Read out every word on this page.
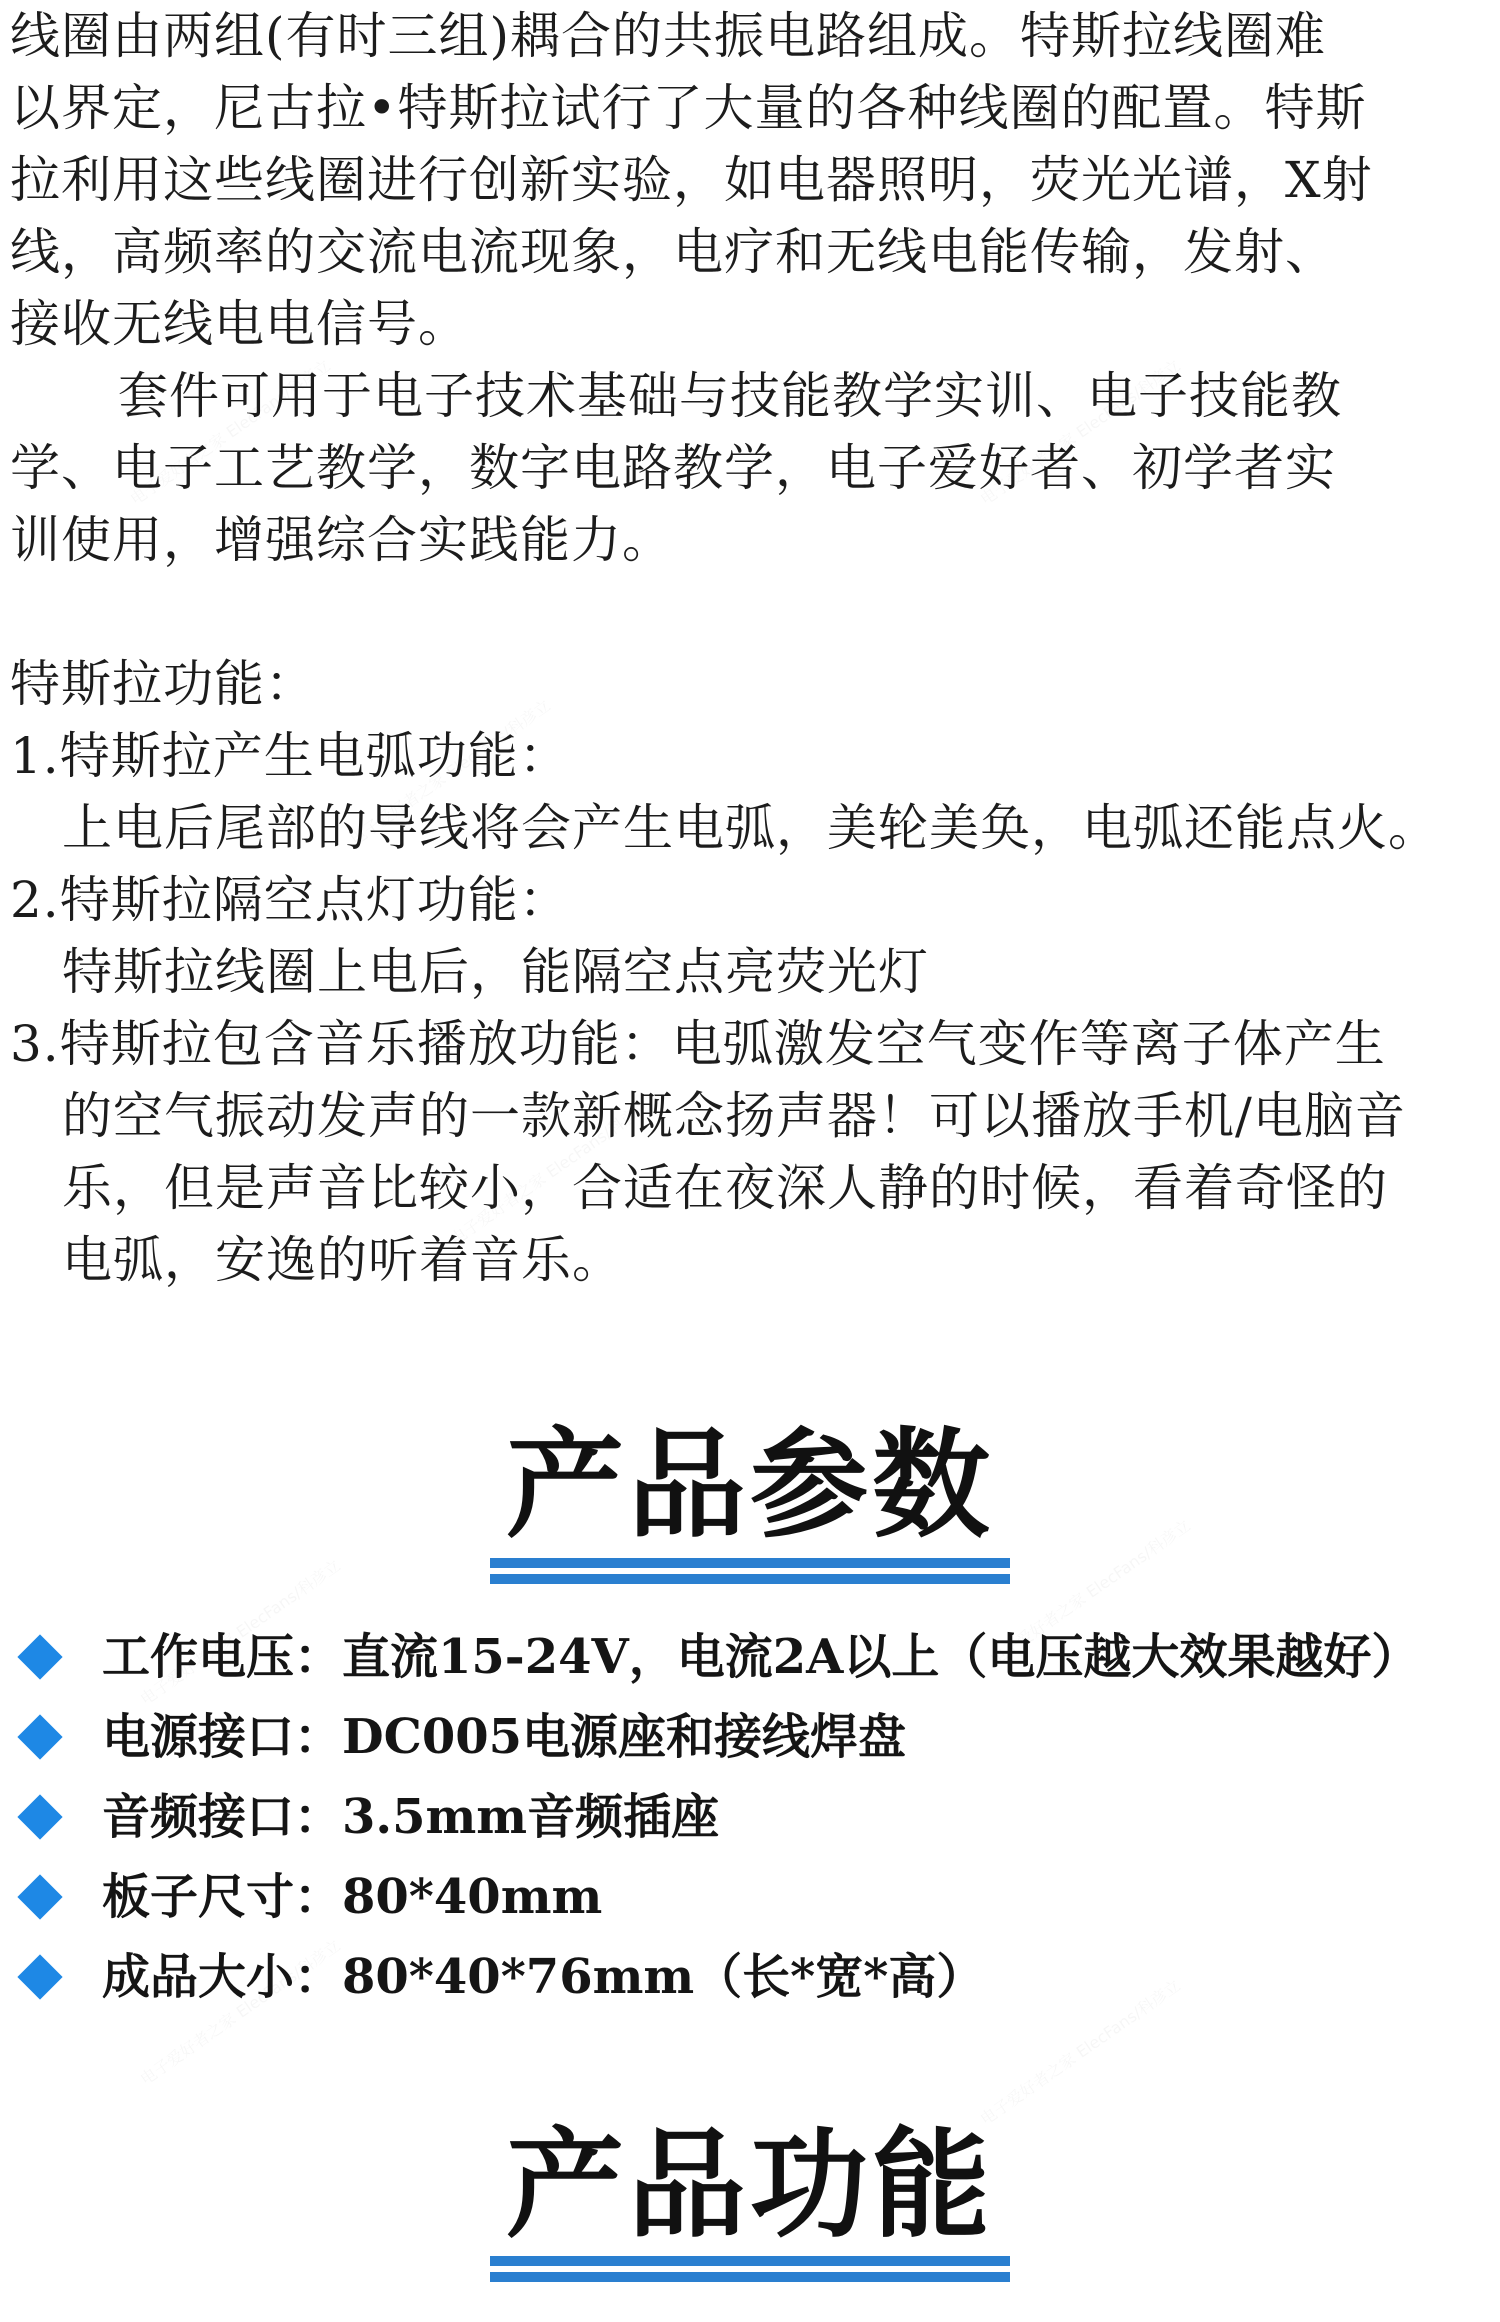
线圈由两组(有时三组)耦合的共振电路组成。特斯拉线圈难
以界定，尼古拉•特斯拉试行了大量的各种线圈的配置。特斯
拉利用这些线圈进行创新实验，如电器照明，荧光光谱，X射
线，高频率的交流电流现象，电疗和无线电能传输，发射、
接收无线电电信号。
套件可用于电子技术基础与技能教学实训、电子技能教
学、电子工艺教学，数字电路教学，电子爱好者、初学者实
训使用，增强综合实践能力。
特斯拉功能：
1.特斯拉产生电弧功能：
上电后尾部的导线将会产生电弧，美轮美奂，电弧还能点火。
2.特斯拉隔空点灯功能：
特斯拉线圈上电后，能隔空点亮荧光灯
3.特斯拉包含音乐播放功能：电弧激发空气变作等离子体产生
的空气振动发声的一款新概念扬声器！可以播放手机/电脑音
乐，但是声音比较小，合适在夜深人静的时候，看着奇怪的
电弧，安逸的听着音乐。
产品参数
工作电压：直流15-24V，电流2A以上（电压越大效果越好）
电源接口：DC005电源座和接线焊盘
音频接口：3.5mm音频插座
板子尺寸：80*40mm
成品大小：80*40*76mm（长*宽*高）
产品功能
